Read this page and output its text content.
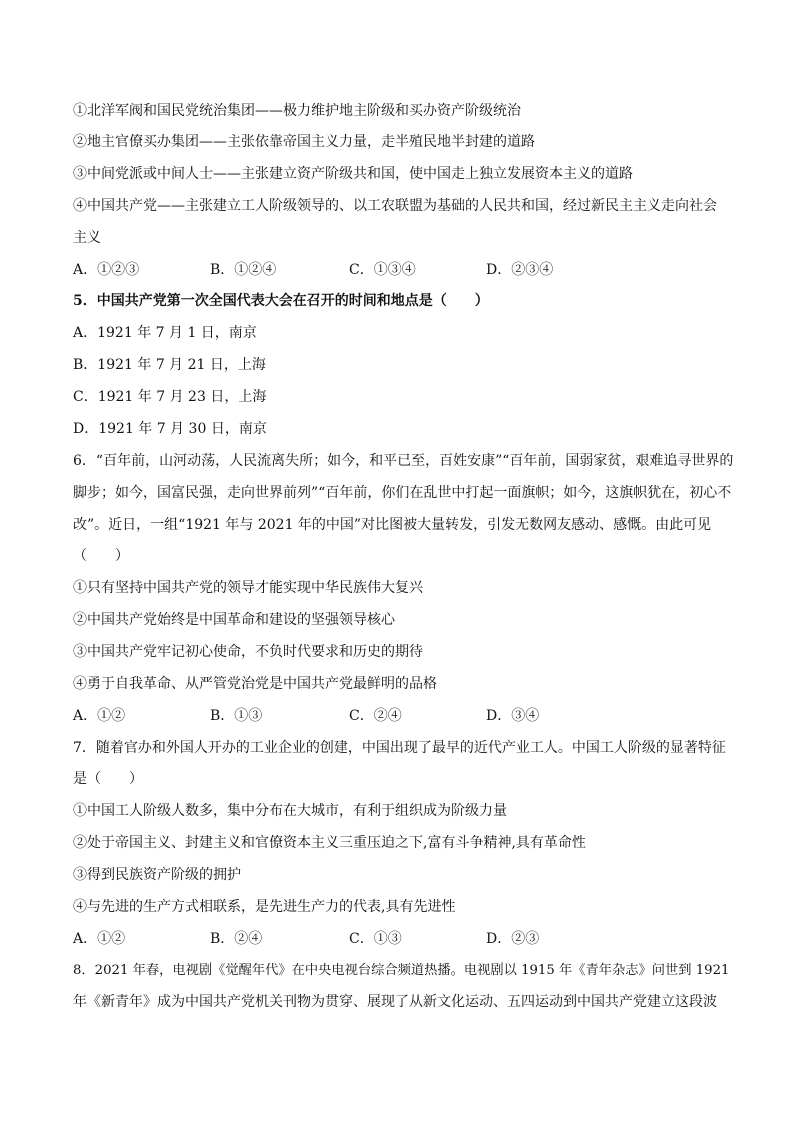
①北洋军阀和国民党统治集团——极力维护地主阶级和买办资产阶级统治
②地主官僚买办集团——主张依靠帝国主义力量，走半殖民地半封建的道路
③中间党派或中间人士——主张建立资产阶级共和国，使中国走上独立发展资本主义的道路
④中国共产党——主张建立工人阶级领导的、以工农联盟为基础的人民共和国，经过新民主主义走向社会
主义
A．①②③	B．①②④	C．①③④	D．②③④
5．中国共产党第一次全国代表大会在召开的时间和地点是（　　）
A．1921 年 7 月 1 日，南京
B．1921 年 7 月 21 日，上海
C．1921 年 7 月 23 日，上海
D．1921 年 7 月 30 日，南京
6．“百年前，山河动荡，人民流离失所；如今，和平已至，百姓安康”“百年前，国弱家贫，艰难追寻世界的
脚步；如今，国富民强，走向世界前列”“百年前，你们在乱世中打起一面旗帜；如今，这旗帜犹在，初心不
改”。近日，一组“1921 年与 2021 年的中国”对比图被大量转发，引发无数网友感动、感慨。由此可见
（　　）
①只有坚持中国共产党的领导才能实现中华民族伟大复兴
②中国共产党始终是中国革命和建设的坚强领导核心
③中国共产党牢记初心使命，不负时代要求和历史的期待
④勇于自我革命、从严管党治党是中国共产党最鲜明的品格
A．①②	B．①③	C．②④	D．③④
7．随着官办和外国人开办的工业企业的创建，中国出现了最早的近代产业工人。中国工人阶级的显著特征
是（　　）
①中国工人阶级人数多，集中分布在大城市，有利于组织成为阶级力量
②处于帝国主义、封建主义和官僚资本主义三重压迫之下,富有斗争精神,具有革命性
③得到民族资产阶级的拥护
④与先进的生产方式相联系，是先进生产力的代表,具有先进性
A．①②	B．②④	C．①③	D．②③
8．2021 年春，电视剧《觉醒年代》在中央电视台综合频道热播。电视剧以 1915 年《青年杂志》问世到 1921
年《新青年》成为中国共产党机关刊物为贯穿、展现了从新文化运动、五四运动到中国共产党建立这段波
